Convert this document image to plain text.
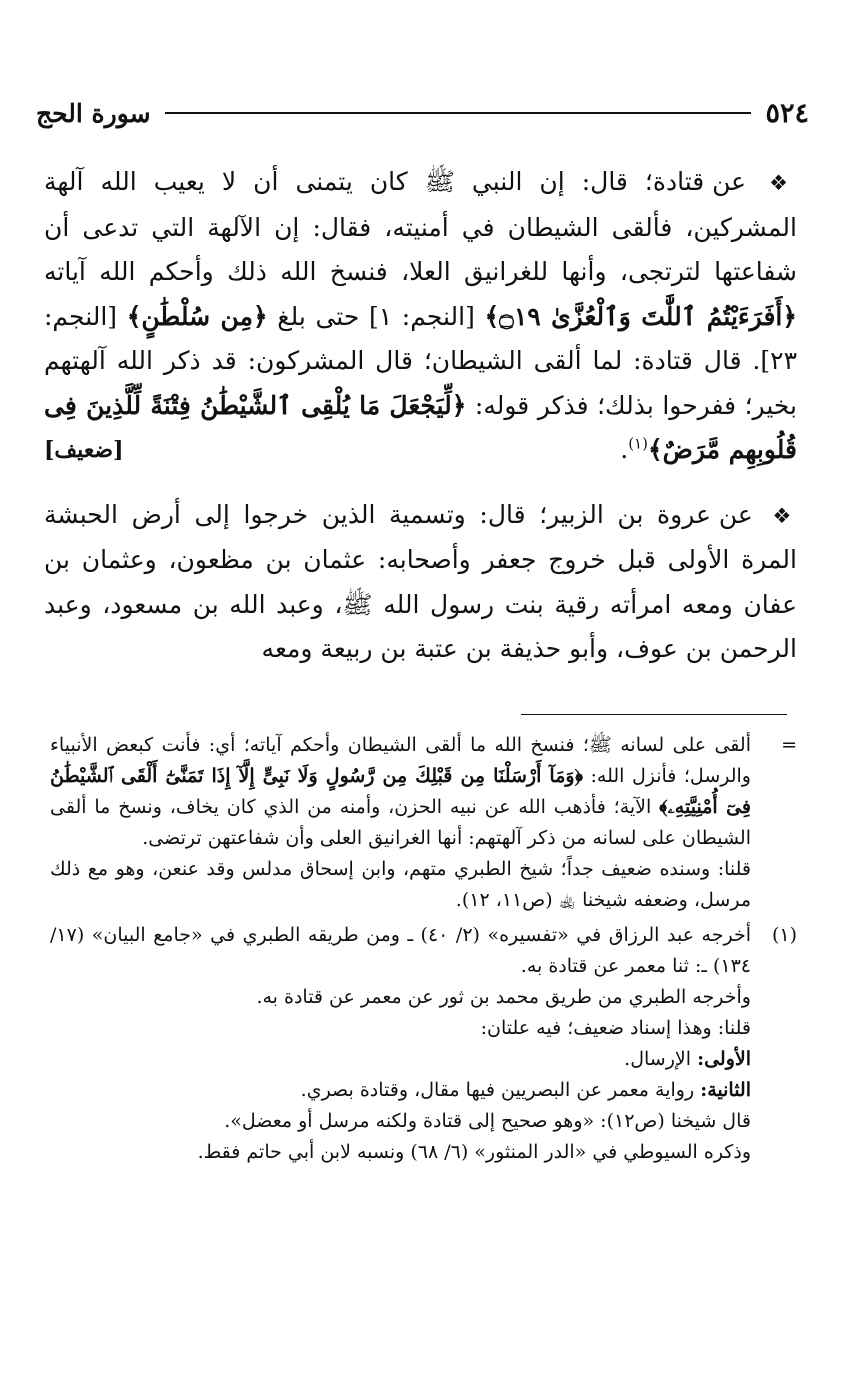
٥٢٤
سورة الحج

❖ عن قتادة؛ قال: إن النبي ﷺ كان يتمنى أن لا يعيب الله آلهة المشركين، فألقى الشيطان في أمنيته، فقال: إن الآلهة التي تدعى أن شفاعتها لترتجى، وأنها للغرانيق العلا، فنسخ الله ذلك وأحكم الله آياته ﴿أَفَرَءَيْتُمُ ٱللَّٰتَ وَٱلْعُزَّىٰ ۝١٩﴾ [النجم: ١] حتى بلغ ﴿مِن سُلْطَٰنٍ﴾ [النجم: ٢٣]. قال قتادة: لما ألقى الشيطان؛ قال المشركون: قد ذكر الله آلهتهم بخير؛ ففرحوا بذلك؛ فذكر قوله: ﴿لِّيَجْعَلَ مَا يُلْقِى ٱلشَّيْطَٰنُ فِتْنَةً لِّلَّذِينَ فِى قُلُوبِهِم مَّرَضٌ﴾$^{(١)}$.
[ضعيف]

❖ عن عروة بن الزبير؛ قال: وتسمية الذين خرجوا إلى أرض الحبشة المرة الأولى قبل خروج جعفر وأصحابه: عثمان بن مظعون، وعثمان بن عفان ومعه امرأته رقية بنت رسول الله ﷺ، وعبد الله بن مسعود، وعبد الرحمن بن عوف، وأبو حذيفة بن عتبة بن ربيعة ومعه

=

ألقى على لسانه ﷺ؛ فنسخ الله ما ألقى الشيطان وأحكم آياته؛ أي: فأنت كبعض الأنبياء والرسل؛ فأنزل الله: ﴿وَمَآ أَرْسَلْنَا مِن قَبْلِكَ مِن رَّسُولٍ وَلَا نَبِىٍّ إِلَّآ إِذَا تَمَنَّىٰٓ أَلْقَى ٱلشَّيْطَٰنُ فِىٓ أُمْنِيَّتِهِۦ﴾ الآية؛ فأذهب الله عن نبيه الحزن، وأمنه من الذي كان يخاف، ونسخ ما ألقى الشيطان على لسانه من ذكر آلهتهم: أنها الغرانيق العلى وأن شفاعتهن ترتضى.

قلنا: وسنده ضعيف جداً؛ شيخ الطبري متهم، وابن إسحاق مدلس وقد عنعن، وهو مع ذلك مرسل، وضعفه شيخنا ﵀ (ص١١، ١٢).

(١)

أخرجه عبد الرزاق في «تفسيره» (٢/ ٤٠) ـ ومن طريقه الطبري في «جامع البيان» (١٧/ ١٣٤) ـ: ثنا معمر عن قتادة به.

وأخرجه الطبري من طريق محمد بن ثور عن معمر عن قتادة به.

قلنا: وهذا إسناد ضعيف؛ فيه علتان:

الأولى: الإرسال.

الثانية: رواية معمر عن البصريين فيها مقال، وقتادة بصري.

قال شيخنا (ص١٢): «وهو صحيح إلى قتادة ولكنه مرسل أو معضل».

وذكره السيوطي في «الدر المنثور» (٦/ ٦٨) ونسبه لابن أبي حاتم فقط.
